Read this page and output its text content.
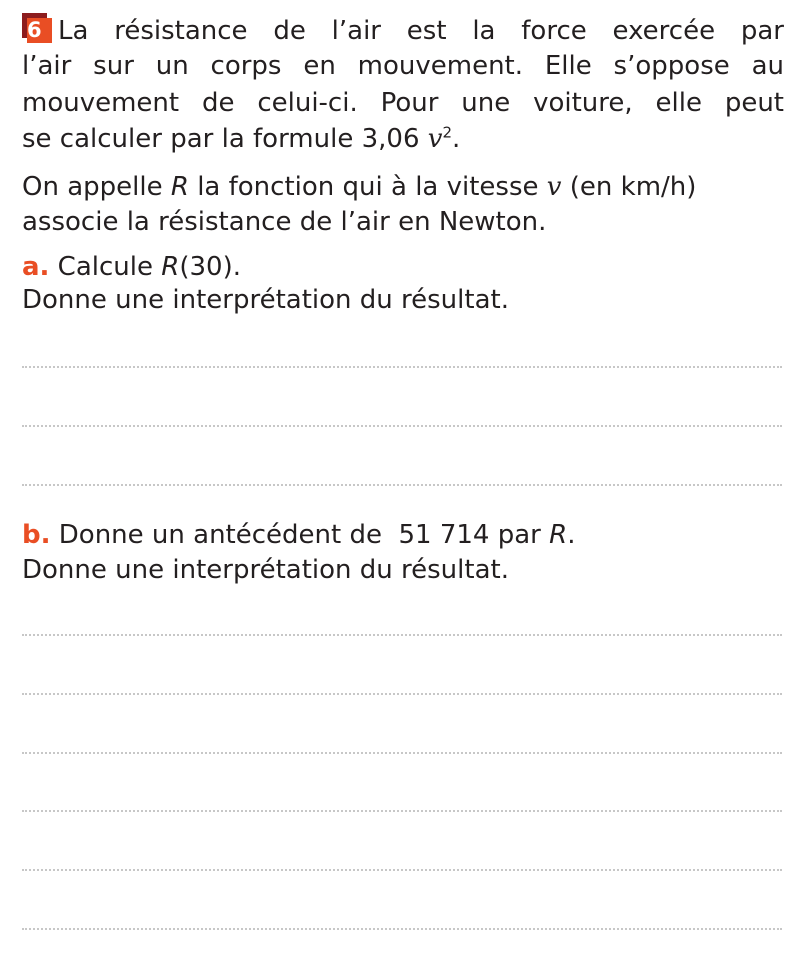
6 La résistance de l’air est la force exercée par

l’air sur un corps en mouvement. Elle s’oppose au

mouvement de celui-ci. Pour une voiture, elle peut

se calculer par la formule 3,06 $v^2$.

On appelle R la fonction qui à la vitesse v (en km/h)

associe la résistance de l’air en Newton.

a. Calcule R(30).

Donne une interprétation du résultat.

b. Donne un antécédent de  51 714 par R.

Donne une interprétation du résultat.
